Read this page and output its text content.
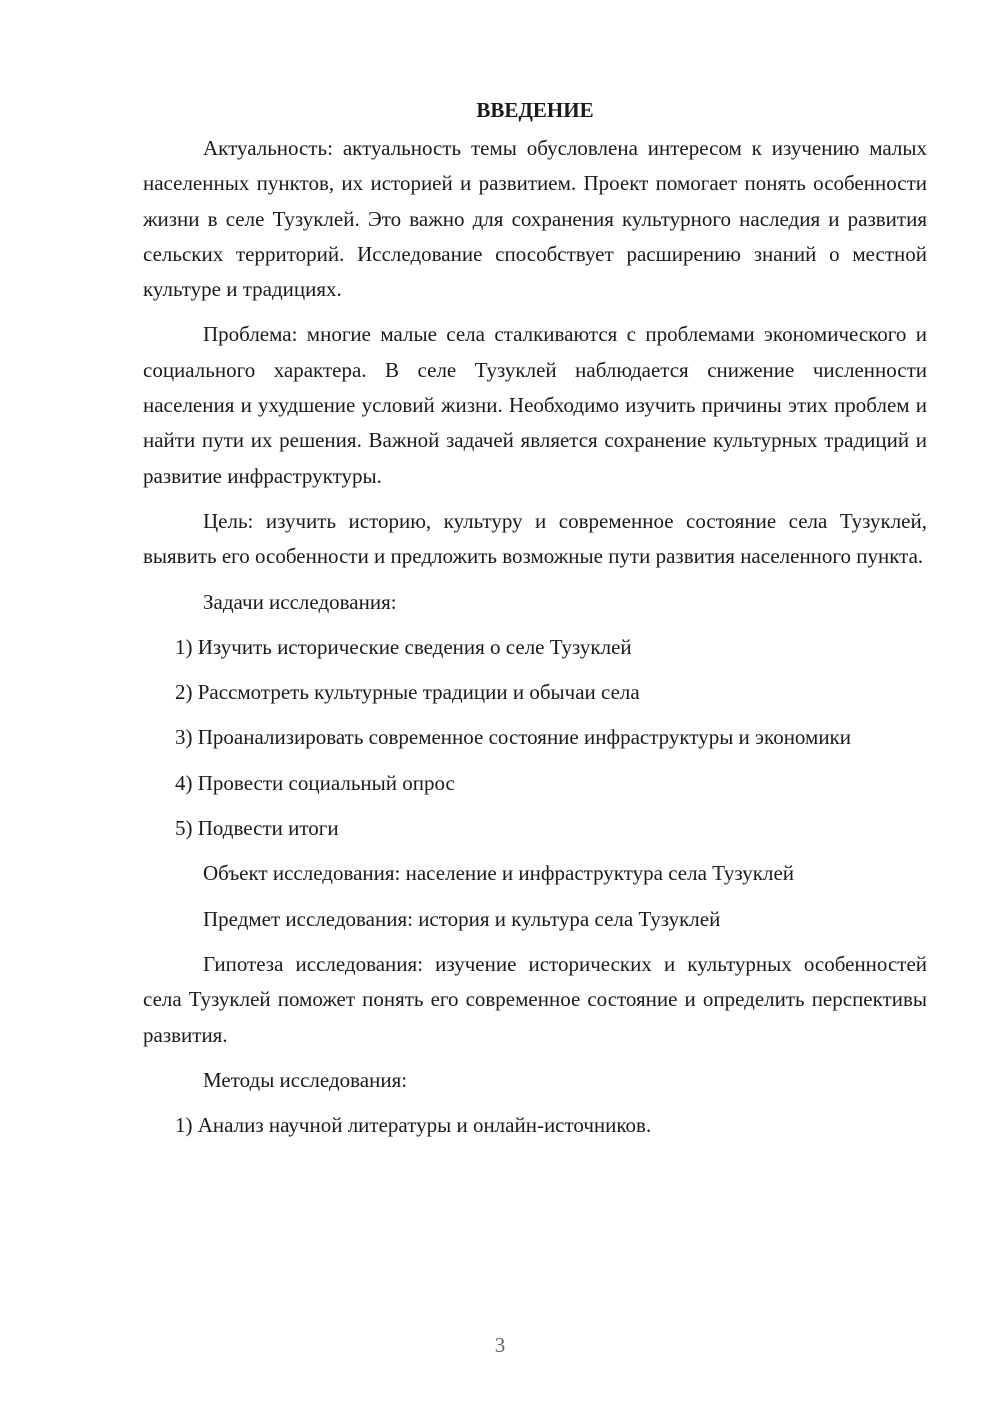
ВВЕДЕНИЕ

Актуальность: актуальность темы обусловлена интересом к изучению малых населенных пунктов, их историей и развитием. Проект помогает понять особенности жизни в селе Тузуклей. Это важно для сохранения культурного наследия и развития сельских территорий. Исследование способствует расширению знаний о местной культуре и традициях.

Проблема: многие малые села сталкиваются с проблемами экономического и социального характера. В селе Тузуклей наблюдается снижение численности населения и ухудшение условий жизни. Необходимо изучить причины этих проблем и найти пути их решения. Важной задачей является сохранение культурных традиций и развитие инфраструктуры.

Цель: изучить историю, культуру и современное состояние села Тузуклей, выявить его особенности и предложить возможные пути развития населенного пункта.

Задачи исследования:

1) Изучить исторические сведения о селе Тузуклей

2) Рассмотреть культурные традиции и обычаи села

3) Проанализировать современное состояние инфраструктуры и экономики

4) Провести социальный опрос

5) Подвести итоги

Объект исследования: население и инфраструктура села Тузуклей

Предмет исследования: история и культура села Тузуклей

Гипотеза исследования: изучение исторических и культурных особенностей села Тузуклей поможет понять его современное состояние и определить перспективы развития.

Методы исследования:

1) Анализ научной литературы и онлайн-источников.

3
